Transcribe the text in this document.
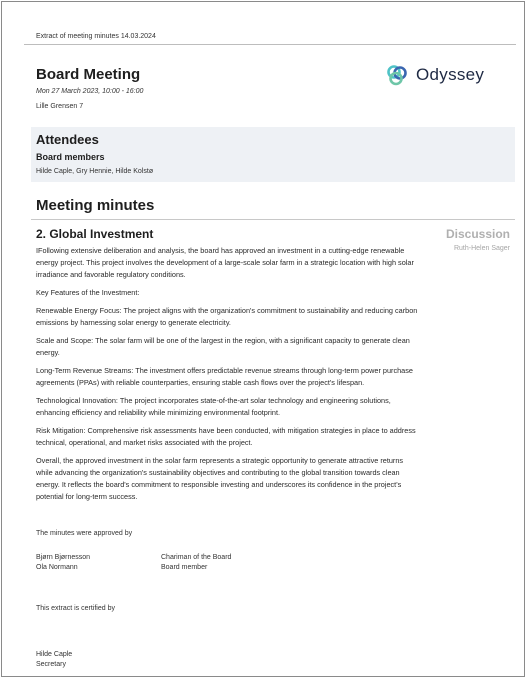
Extract of meeting minutes 14.03.2024
Board Meeting
Mon 27 March 2023, 10:00 - 16:00
Lille Grensen 7
Odyssey
Attendees
Board members
Hilde Caple, Gry Hennie, Hilde Kolstø
Meeting minutes
2. Global Investment	Discussion
Ruth-Helen Sager

IFollowing extensive deliberation and analysis, the board has approved an investment in a cutting-edge renewable energy project. This project involves the development of a large-scale solar farm in a strategic location with high solar irradiance and favorable regulatory conditions.

Key Features of the Investment:

Renewable Energy Focus: The project aligns with the organization's commitment to sustainability and reducing carbon emissions by harnessing solar energy to generate electricity.

Scale and Scope: The solar farm will be one of the largest in the region, with a significant capacity to generate clean energy.

Long-Term Revenue Streams: The investment offers predictable revenue streams through long-term power purchase agreements (PPAs) with reliable counterparties, ensuring stable cash flows over the project's lifespan.

Technological Innovation: The project incorporates state-of-the-art solar technology and engineering solutions, enhancing efficiency and reliability while minimizing environmental footprint.

Risk Mitigation: Comprehensive risk assessments have been conducted, with mitigation strategies in place to address technical, operational, and market risks associated with the project.

Overall, the approved investment in the solar farm represents a strategic opportunity to generate attractive returns while advancing the organization's sustainability objectives and contributing to the global transition towards clean energy. It reflects the board's commitment to responsible investing and underscores its confidence in the project's potential for long-term success.

The minutes were approved by
Bjørn Bjørnesson	Chariman of the Board
Ola Normann	Board member
This extract is certified by
Hilde Caple
Secretary
